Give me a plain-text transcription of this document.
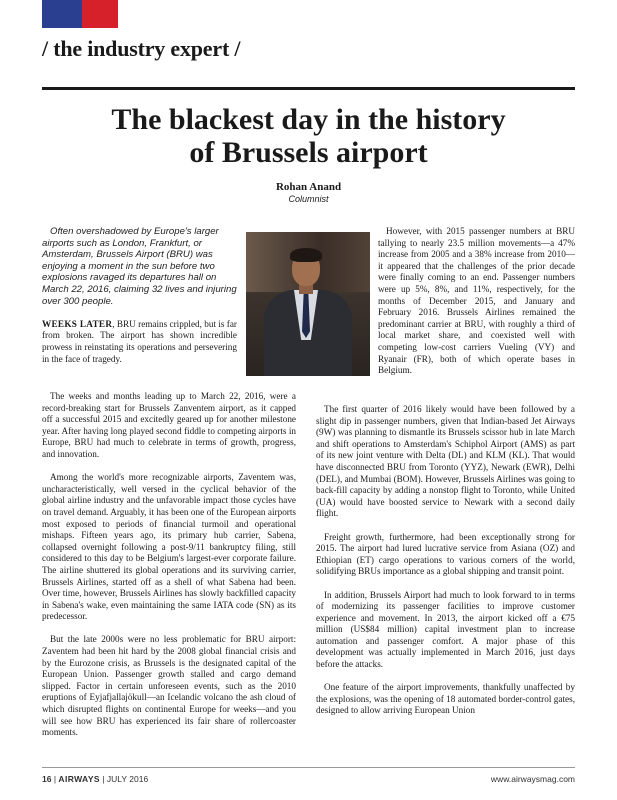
/ the industry expert /
The blackest day in the history
of Brussels airport
Rohan Anand
Columnist

Often overshadowed by Europe's larger airports such as London, Frankfurt, or Amsterdam, Brussels Airport (BRU) was enjoying a moment in the sun before two explosions ravaged its departures hall on March 22, 2016, claiming 32 lives and injuring over 300 people.

WEEKS LATER, BRU remains crippled, but is far from broken. The airport has shown incredible prowess in reinstating its operations and persevering in the face of tragedy.

However, with 2015 passenger numbers at BRU tallying to nearly 23.5 million movements—a 47% increase from 2005 and a 38% increase from 2010—it appeared that the challenges of the prior decade were finally coming to an end. Passenger numbers were up 5%, 8%, and 11%, respectively, for the months of December 2015, and January and February 2016. Brussels Airlines remained the predominant carrier at BRU, with roughly a third of local market share, and coexisted well with competing low-cost carriers Vueling (VY) and Ryanair (FR), both of which operate bases in Belgium.

The weeks and months leading up to March 22, 2016, were a record-breaking start for Brussels Zanventem airport, as it capped off a successful 2015 and excitedly geared up for another milestone year. After having long played second fiddle to competing airports in Europe, BRU had much to celebrate in terms of growth, progress, and innovation.

Among the world's more recognizable airports, Zaventem was, uncharacteristically, well versed in the cyclical behavior of the global airline industry and the unfavorable impact those cycles have on travel demand. Arguably, it has been one of the European airports most exposed to periods of financial turmoil and operational mishaps. Fifteen years ago, its primary hub carrier, Sabena, collapsed overnight following a post-9/11 bankruptcy filing, still considered to this day to be Belgium's largest-ever corporate failure. The airline shuttered its global operations and its surviving carrier, Brussels Airlines, started off as a shell of what Sabena had been. Over time, however, Brussels Airlines has slowly backfilled capacity in Sabena's wake, even maintaining the same IATA code (SN) as its predecessor.

But the late 2000s were no less problematic for BRU airport: Zaventem had been hit hard by the 2008 global financial crisis and by the Eurozone crisis, as Brussels is the designated capital of the European Union. Passenger growth stalled and cargo demand slipped. Factor in certain unforeseen events, such as the 2010 eruptions of Eyjafjallajökull—an Icelandic volcano the ash cloud of which disrupted flights on continental Europe for weeks—and you will see how BRU has experienced its fair share of rollercoaster moments.

The first quarter of 2016 likely would have been followed by a slight dip in passenger numbers, given that Indian-based Jet Airways (9W) was planning to dismantle its Brussels scissor hub in late March and shift operations to Amsterdam's Schiphol Airport (AMS) as part of its new joint venture with Delta (DL) and KLM (KL). That would have disconnected BRU from Toronto (YYZ), Newark (EWR), Delhi (DEL), and Mumbai (BOM). However, Brussels Airlines was going to back-fill capacity by adding a nonstop flight to Toronto, while United (UA) would have boosted service to Newark with a second daily flight.

Freight growth, furthermore, had been exceptionally strong for 2015. The airport had lured lucrative service from Asiana (OZ) and Ethiopian (ET) cargo operations to various corners of the world, solidifying BRUs importance as a global shipping and transit point.

In addition, Brussels Airport had much to look forward to in terms of modernizing its passenger facilities to improve customer experience and movement. In 2013, the airport kicked off a €75 million (US$84 million) capital investment plan to increase automation and passenger comfort. A major phase of this development was actually implemented in March 2016, just days before the attacks.

One feature of the airport improvements, thankfully unaffected by the explosions, was the opening of 18 automated border-control gates, designed to allow arriving European Union

16 | AIRWAYS | JULY 2016	www.airwaysmag.com
